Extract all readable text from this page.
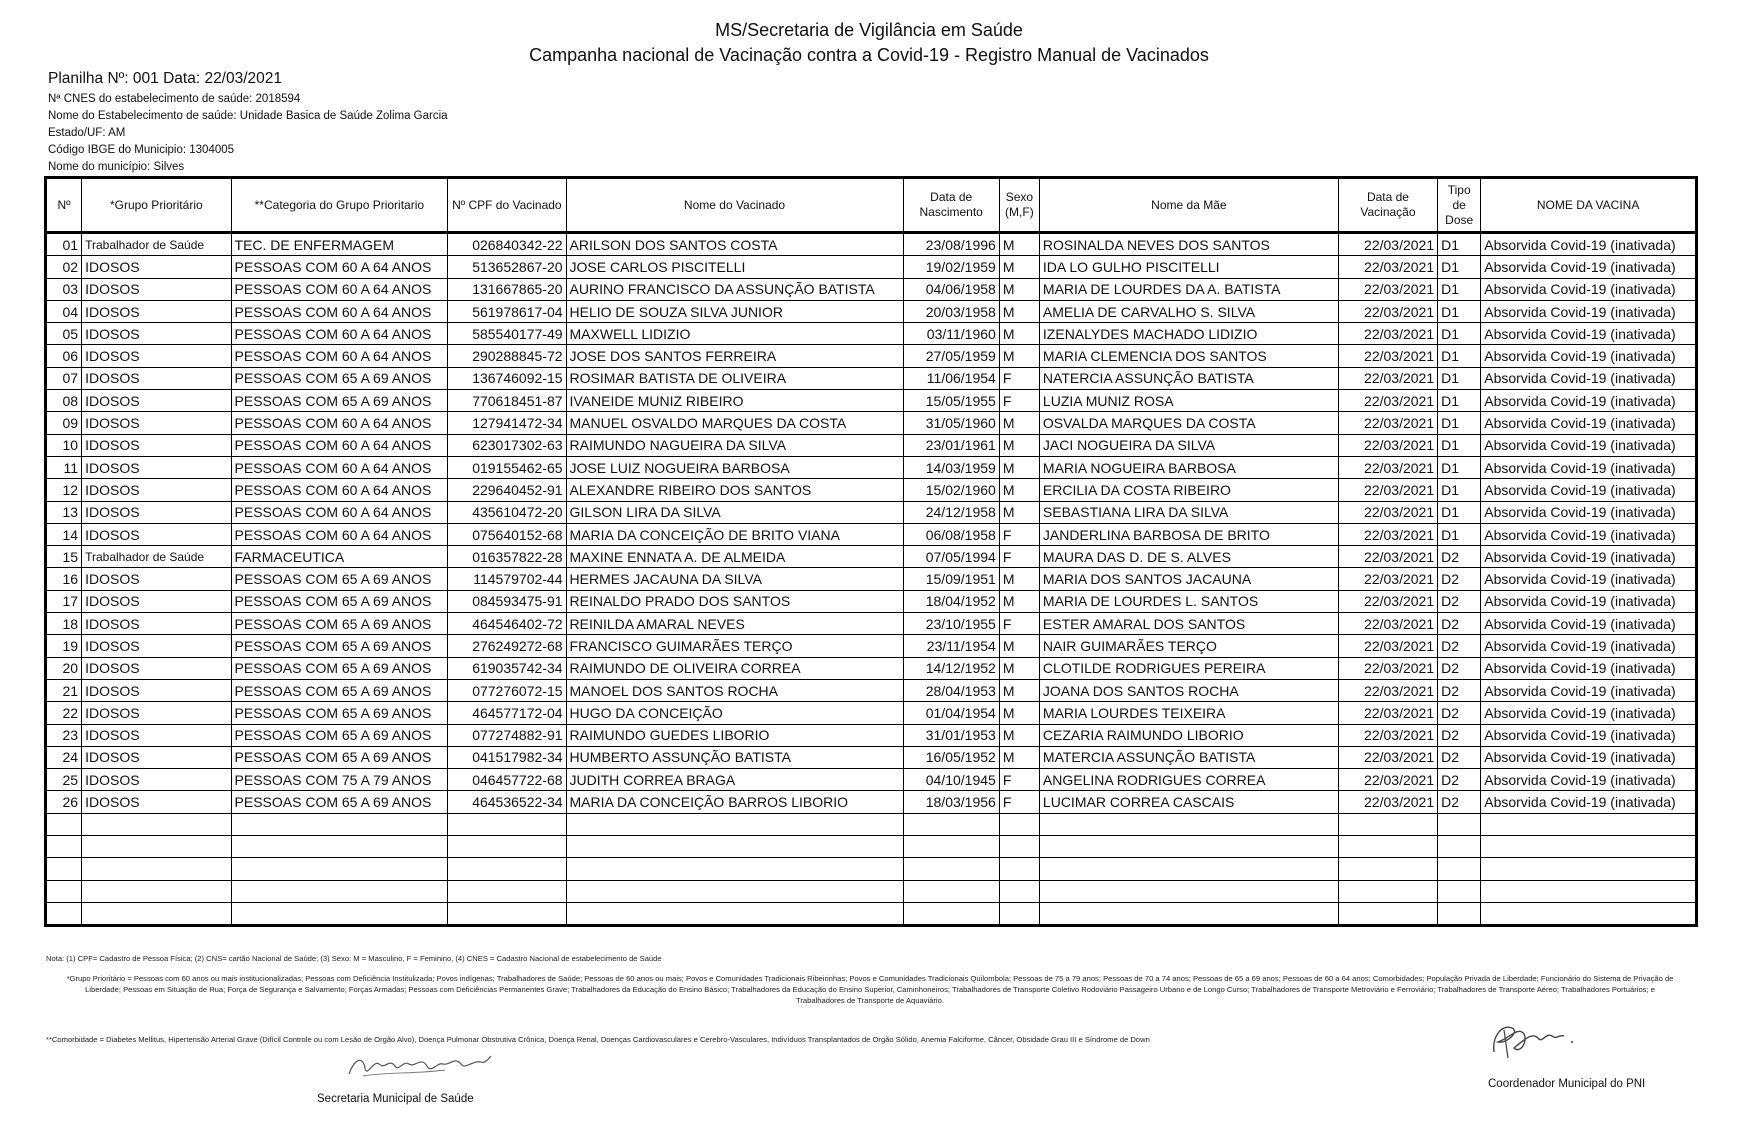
MS/Secretaria de Vigilância em Saúde
Campanha nacional de Vacinação contra a Covid-19 - Registro Manual de Vacinados
Planilha Nº: 001 Data: 22/03/2021
Nª CNES do estabelecimento de saúde: 2018594
Nome do Estabelecimento de saúde: Unidade Basica de Saúde Zolima Garcia
Estado/UF: AM
Código IBGE do Municipio: 1304005
Nome do município: Silves
Nº	*Grupo Prioritário	**Categoria do Grupo Prioritario	Nº CPF do Vacinado	Nome do Vacinado	Data de Nascimento	Sexo (M,F)	Nome da Mãe	Data de Vacinação	Tipo de Dose	NOME DA VACINA
01	Trabalhador de Saúde	TEC. DE ENFERMAGEM	026840342-22	ARILSON DOS SANTOS COSTA	23/08/1996	M	ROSINALDA NEVES DOS SANTOS	22/03/2021	D1	Absorvida Covid-19 (inativada)
02	IDOSOS	PESSOAS COM 60 A 64 ANOS	513652867-20	JOSE CARLOS PISCITELLI	19/02/1959	M	IDA LO GULHO PISCITELLI	22/03/2021	D1	Absorvida Covid-19 (inativada)
03	IDOSOS	PESSOAS COM 60 A 64 ANOS	131667865-20	AURINO FRANCISCO DA ASSUNÇÃO BATISTA	04/06/1958	M	MARIA DE LOURDES DA A. BATISTA	22/03/2021	D1	Absorvida Covid-19 (inativada)
04	IDOSOS	PESSOAS COM 60 A 64 ANOS	561978617-04	HELIO DE SOUZA SILVA JUNIOR	20/03/1958	M	AMELIA DE CARVALHO S. SILVA	22/03/2021	D1	Absorvida Covid-19 (inativada)
05	IDOSOS	PESSOAS COM 60 A 64 ANOS	585540177-49	MAXWELL LIDIZIO	03/11/1960	M	IZENALYDES MACHADO LIDIZIO	22/03/2021	D1	Absorvida Covid-19 (inativada)
06	IDOSOS	PESSOAS COM 60 A 64 ANOS	290288845-72	JOSE DOS SANTOS FERREIRA	27/05/1959	M	MARIA CLEMENCIA DOS SANTOS	22/03/2021	D1	Absorvida Covid-19 (inativada)
07	IDOSOS	PESSOAS COM 65 A 69 ANOS	136746092-15	ROSIMAR BATISTA DE OLIVEIRA	11/06/1954	F	NATERCIA ASSUNÇÃO BATISTA	22/03/2021	D1	Absorvida Covid-19 (inativada)
08	IDOSOS	PESSOAS COM 65 A 69 ANOS	770618451-87	IVANEIDE MUNIZ RIBEIRO	15/05/1955	F	LUZIA MUNIZ ROSA	22/03/2021	D1	Absorvida Covid-19 (inativada)
09	IDOSOS	PESSOAS COM 60 A 64 ANOS	127941472-34	MANUEL OSVALDO MARQUES DA COSTA	31/05/1960	M	OSVALDA MARQUES DA COSTA	22/03/2021	D1	Absorvida Covid-19 (inativada)
10	IDOSOS	PESSOAS COM 60 A 64 ANOS	623017302-63	RAIMUNDO NAGUEIRA DA SILVA	23/01/1961	M	JACI NOGUEIRA DA SILVA	22/03/2021	D1	Absorvida Covid-19 (inativada)
11	IDOSOS	PESSOAS COM 60 A 64 ANOS	019155462-65	JOSE LUIZ NOGUEIRA BARBOSA	14/03/1959	M	MARIA NOGUEIRA BARBOSA	22/03/2021	D1	Absorvida Covid-19 (inativada)
12	IDOSOS	PESSOAS COM 60 A 64 ANOS	229640452-91	ALEXANDRE RIBEIRO DOS SANTOS	15/02/1960	M	ERCILIA DA COSTA RIBEIRO	22/03/2021	D1	Absorvida Covid-19 (inativada)
13	IDOSOS	PESSOAS COM 60 A 64 ANOS	435610472-20	GILSON LIRA DA SILVA	24/12/1958	M	SEBASTIANA LIRA DA SILVA	22/03/2021	D1	Absorvida Covid-19 (inativada)
14	IDOSOS	PESSOAS COM 60 A 64 ANOS	075640152-68	MARIA DA CONCEIÇÃO DE BRITO VIANA	06/08/1958	F	JANDERLINA BARBOSA DE BRITO	22/03/2021	D1	Absorvida Covid-19 (inativada)
15	Trabalhador de Saúde	FARMACEUTICA	016357822-28	MAXINE ENNATA A. DE ALMEIDA	07/05/1994	F	MAURA DAS D. DE S. ALVES	22/03/2021	D2	Absorvida Covid-19 (inativada)
16	IDOSOS	PESSOAS COM 65 A 69 ANOS	114579702-44	HERMES JACAUNA DA SILVA	15/09/1951	M	MARIA DOS SANTOS JACAUNA	22/03/2021	D2	Absorvida Covid-19 (inativada)
17	IDOSOS	PESSOAS COM 65 A 69 ANOS	084593475-91	REINALDO PRADO DOS SANTOS	18/04/1952	M	MARIA DE LOURDES L. SANTOS	22/03/2021	D2	Absorvida Covid-19 (inativada)
18	IDOSOS	PESSOAS COM 65 A 69 ANOS	464546402-72	REINILDA AMARAL NEVES	23/10/1955	F	ESTER AMARAL DOS SANTOS	22/03/2021	D2	Absorvida Covid-19 (inativada)
19	IDOSOS	PESSOAS COM 65 A 69 ANOS	276249272-68	FRANCISCO GUIMARÃES TERÇO	23/11/1954	M	NAIR GUIMARÃES TERÇO	22/03/2021	D2	Absorvida Covid-19 (inativada)
20	IDOSOS	PESSOAS COM 65 A 69 ANOS	619035742-34	RAIMUNDO DE OLIVEIRA CORREA	14/12/1952	M	CLOTILDE RODRIGUES PEREIRA	22/03/2021	D2	Absorvida Covid-19 (inativada)
21	IDOSOS	PESSOAS COM 65 A 69 ANOS	077276072-15	MANOEL DOS SANTOS ROCHA	28/04/1953	M	JOANA DOS SANTOS ROCHA	22/03/2021	D2	Absorvida Covid-19 (inativada)
22	IDOSOS	PESSOAS COM 65 A 69 ANOS	464577172-04	HUGO DA CONCEIÇÃO	01/04/1954	M	MARIA LOURDES TEIXEIRA	22/03/2021	D2	Absorvida Covid-19 (inativada)
23	IDOSOS	PESSOAS COM 65 A 69 ANOS	077274882-91	RAIMUNDO GUEDES LIBORIO	31/01/1953	M	CEZARIA RAIMUNDO LIBORIO	22/03/2021	D2	Absorvida Covid-19 (inativada)
24	IDOSOS	PESSOAS COM 65 A 69 ANOS	041517982-34	HUMBERTO ASSUNÇÃO BATISTA	16/05/1952	M	MATERCIA ASSUNÇÃO BATISTA	22/03/2021	D2	Absorvida Covid-19 (inativada)
25	IDOSOS	PESSOAS COM 75 A 79 ANOS	046457722-68	JUDITH CORREA BRAGA	04/10/1945	F	ANGELINA RODRIGUES CORREA	22/03/2021	D2	Absorvida Covid-19 (inativada)
26	IDOSOS	PESSOAS COM 65 A 69 ANOS	464536522-34	MARIA DA CONCEIÇÃO BARROS LIBORIO	18/03/1956	F	LUCIMAR CORREA CASCAIS	22/03/2021	D2	Absorvida Covid-19 (inativada)

Nota: (1) CPF= Cadastro de Pessoa Física; (2) CNS= cartão Nacional de Saúde; (3) Sexo: M = Masculino, F = Feminino, (4) CNES = Cadastro Nacional de estabelecimento de Saúde
*Grupo Prioritário = Pessoas com 60 anos ou mais institucionalizadas; Pessoas com Deficiência Institulizada; Povos indígenas; Trabalhadores de Saúde; Pessoas de 60 anos ou mais; Povos e Comunidades Tradicionais Ribeirinhas; Povos e Comunidades Tradicionais Quilombola; Pessoas de 75 a 79 anos; Pessoas de 70 a 74 anos; Pessoas de 65 a 69 anos; Pessoas de 60 a 64 anos; Comorbidades; População Privada de Liberdade; Funcionário do Sistema de Privação de Liberdade; Pessoas em Situação de Rua; Força de Segurança e Salvamento; Forças Armadas; Pessoas com Deficiências Permanentes Grave; Trabalhadores da Educação do Ensino Básico; Trabalhadores da Educação do Ensino Superior, Caminhoneiros; Trabalhadores de Transporte Coletivo Rodoviário Passageiro Urbano e de Longo Curso; Trabalhadores de Transporte Metroviário e Ferroviário; Trabalhadores de Transporte Aéreo; Trabalhadores Portuários; e Trabalhadores de Transporte de Aquaviário.
**Comorbidade = Diabetes Mellitus, Hipertensão Arterial Grave (Difícil Controle ou com Lesão de Orgão Alvo), Doença Pulmonar Obstrutiva Crônica, Doença Renal, Doenças Cardiovasculares e Cerebro-Vasculares, Indivíduos Transplantados de Orgão Sólido, Anemia Falciforme, Câncer, Obsidade Grau III e Síndrome de Down
Secretaria Municipal de Saúde
Coordenador Municipal do PNI
